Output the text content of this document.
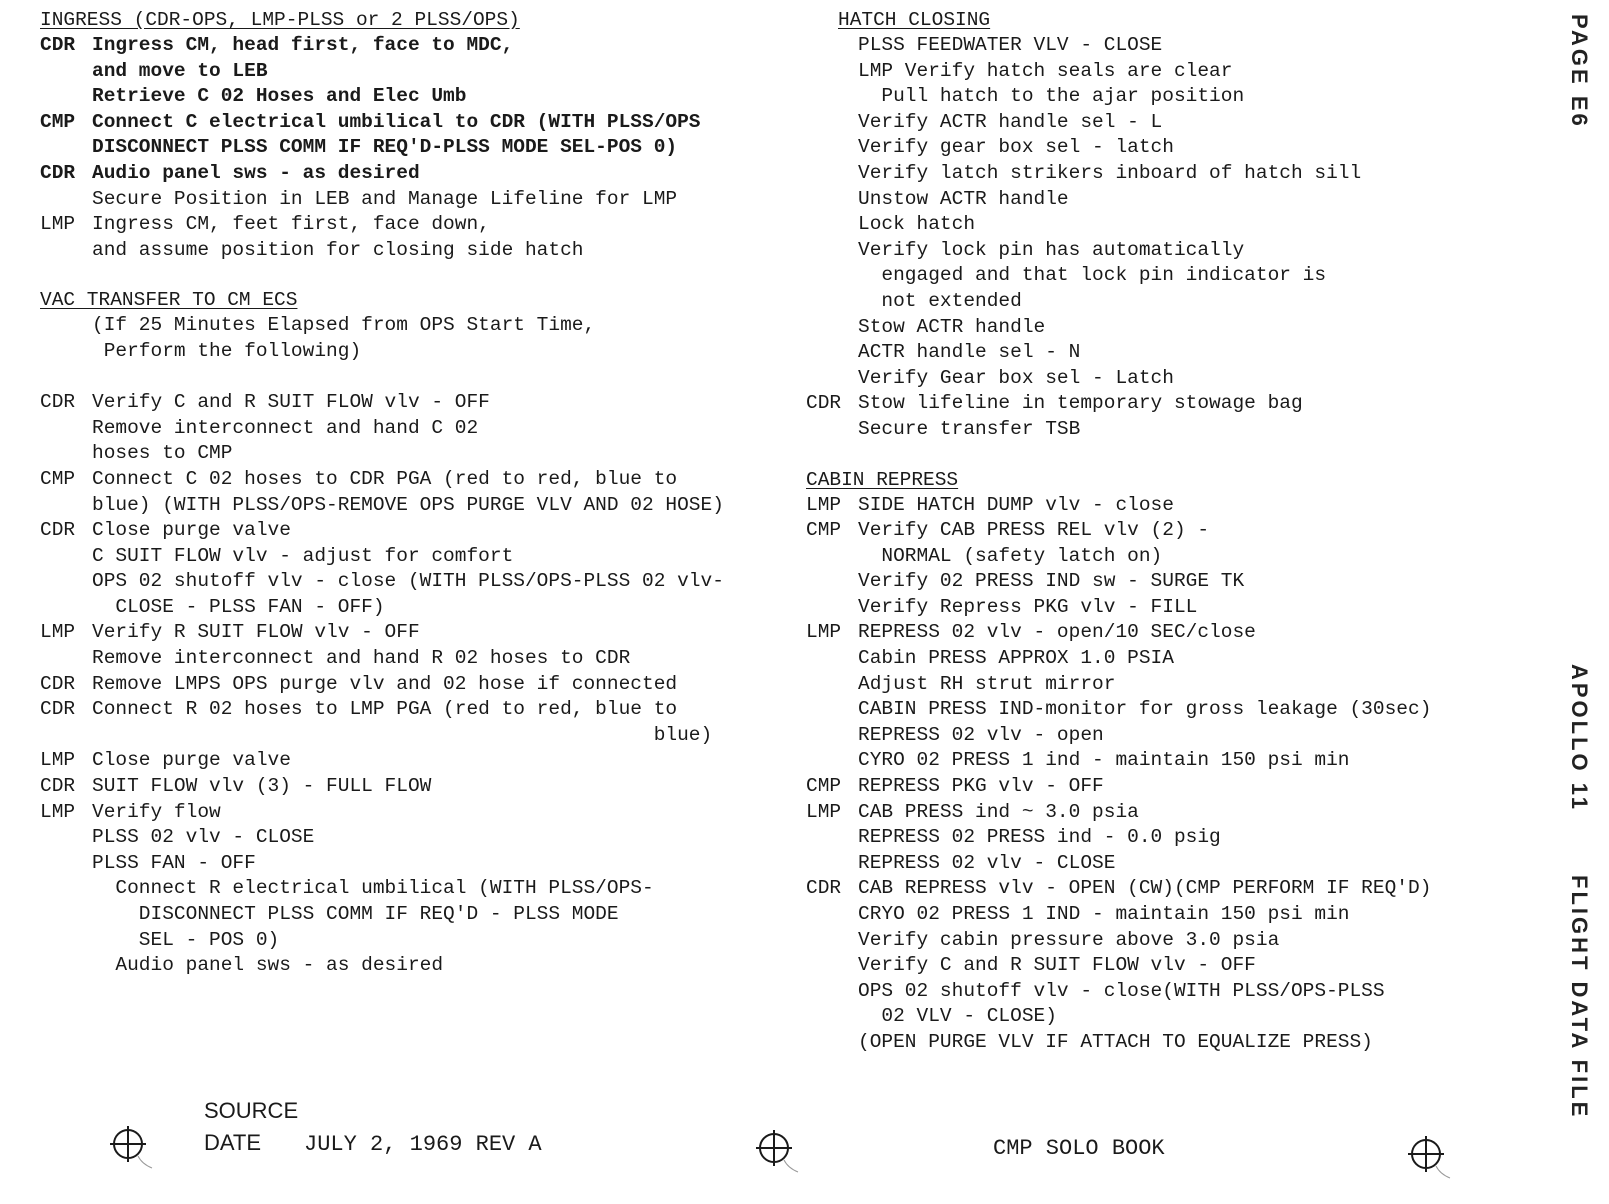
INGRESS (CDR-OPS, LMP-PLSS or 2 PLSS/OPS)
CDR Ingress CM, head first, face to MDC,
and move to LEB
Retrieve C 02 Hoses and Elec Umb
CMP Connect C electrical umbilical to CDR (WITH PLSS/OPS
DISCONNECT PLSS COMM IF REQ'D-PLSS MODE SEL-POS 0)
CDR Audio panel sws - as desired
Secure Position in LEB and Manage Lifeline for LMP
LMP Ingress CM, feet first, face down,
and assume position for closing side hatch
VAC TRANSFER TO CM ECS
(If 25 Minutes Elapsed from OPS Start Time,
Perform the following)
CDR Verify C and R SUIT FLOW vlv - OFF
Remove interconnect and hand C 02
hoses to CMP
CMP Connect C 02 hoses to CDR PGA (red to red, blue to
blue) (WITH PLSS/OPS-REMOVE OPS PURGE VLV AND 02 HOSE)
CDR Close purge valve
C SUIT FLOW vlv - adjust for comfort
OPS 02 shutoff vlv - close (WITH PLSS/OPS-PLSS 02 vlv-
CLOSE - PLSS FAN - OFF)
LMP Verify R SUIT FLOW vlv - OFF
Remove interconnect and hand R 02 hoses to CDR
CDR Remove LMPS OPS purge vlv and 02 hose if connected
CDR Connect R 02 hoses to LMP PGA (red to red, blue to
blue)
LMP Close purge valve
CDR SUIT FLOW vlv (3) - FULL FLOW
LMP Verify flow
PLSS 02 vlv - CLOSE
PLSS FAN - OFF
Connect R electrical umbilical (WITH PLSS/OPS-
DISCONNECT PLSS COMM IF REQ'D - PLSS MODE
SEL - POS 0)
Audio panel sws - as desired
HATCH CLOSING
PLSS FEEDWATER VLV - CLOSE
LMP Verify hatch seals are clear
Pull hatch to the ajar position
Verify ACTR handle sel - L
Verify gear box sel - latch
Verify latch strikers inboard of hatch sill
Unstow ACTR handle
Lock hatch
Verify lock pin has automatically
engaged and that lock pin indicator is
not extended
Stow ACTR handle
ACTR handle sel - N
Verify Gear box sel - Latch
CDR Stow lifeline in temporary stowage bag
Secure transfer TSB
CABIN REPRESS
LMP SIDE HATCH DUMP vlv - close
CMP Verify CAB PRESS REL vlv (2) -
NORMAL (safety latch on)
Verify 02 PRESS IND sw - SURGE TK
Verify Repress PKG vlv - FILL
LMP REPRESS 02 vlv - open/10 SEC/close
Cabin PRESS APPROX 1.0 PSIA
Adjust RH strut mirror
CABIN PRESS IND-monitor for gross leakage (30sec)
REPRESS 02 vlv - open
CYRO 02 PRESS 1 ind - maintain 150 psi min
CMP REPRESS PKG vlv - OFF
LMP CAB PRESS ind ~ 3.0 psia
REPRESS 02 PRESS ind - 0.0 psig
REPRESS 02 vlv - CLOSE
CDR CAB REPRESS vlv - OPEN (CW)(CMP PERFORM IF REQ'D)
CRYO 02 PRESS 1 IND - maintain 150 psi min
Verify cabin pressure above 3.0 psia
Verify C and R SUIT FLOW vlv - OFF
OPS 02 shutoff vlv - close(WITH PLSS/OPS-PLSS
02 VLV - CLOSE)
(OPEN PURGE VLV IF ATTACH TO EQUALIZE PRESS)
PAGE E6
APOLLO 11
FLIGHT DATA FILE
SOURCE
DATE JULY 2, 1969 REV A	CMP SOLO BOOK
